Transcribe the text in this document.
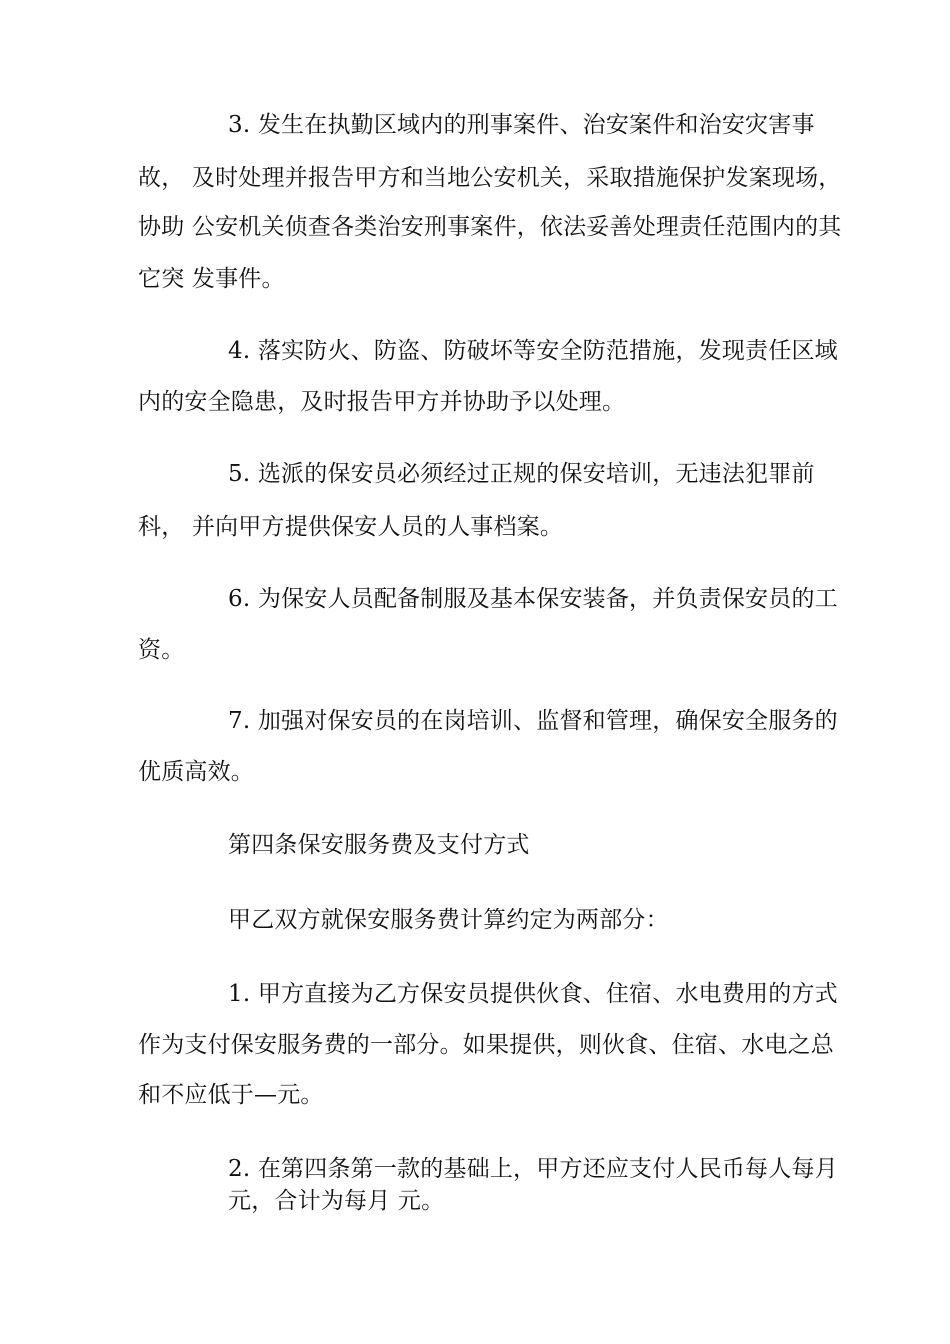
3. 发生在执勤区域内的刑事案件、治安案件和治安灾害事
故， 及时处理并报告甲方和当地公安机关，采取措施保护发案现场，
协助 公安机关侦查各类治安刑事案件，依法妥善处理责任范围内的其
它突 发事件。
4. 落实防火、防盗、防破坏等安全防范措施，发现责任区域
内的安全隐患，及时报告甲方并协助予以处理。
5. 选派的保安员必须经过正规的保安培训，无违法犯罪前
科， 并向甲方提供保安人员的人事档案。
6. 为保安人员配备制服及基本保安装备，并负责保安员的工
资。
7. 加强对保安员的在岗培训、监督和管理，确保安全服务的
优质高效。
第四条保安服务费及支付方式
甲乙双方就保安服务费计算约定为两部分：
1. 甲方直接为乙方保安员提供伙食、住宿、水电费用的方式
作为支付保安服务费的一部分。如果提供，则伙食、住宿、水电之总
和不应低于—元。
2. 在第四条第一款的基础上，甲方还应支付人民币每人每月
元，合计为每月 元。
